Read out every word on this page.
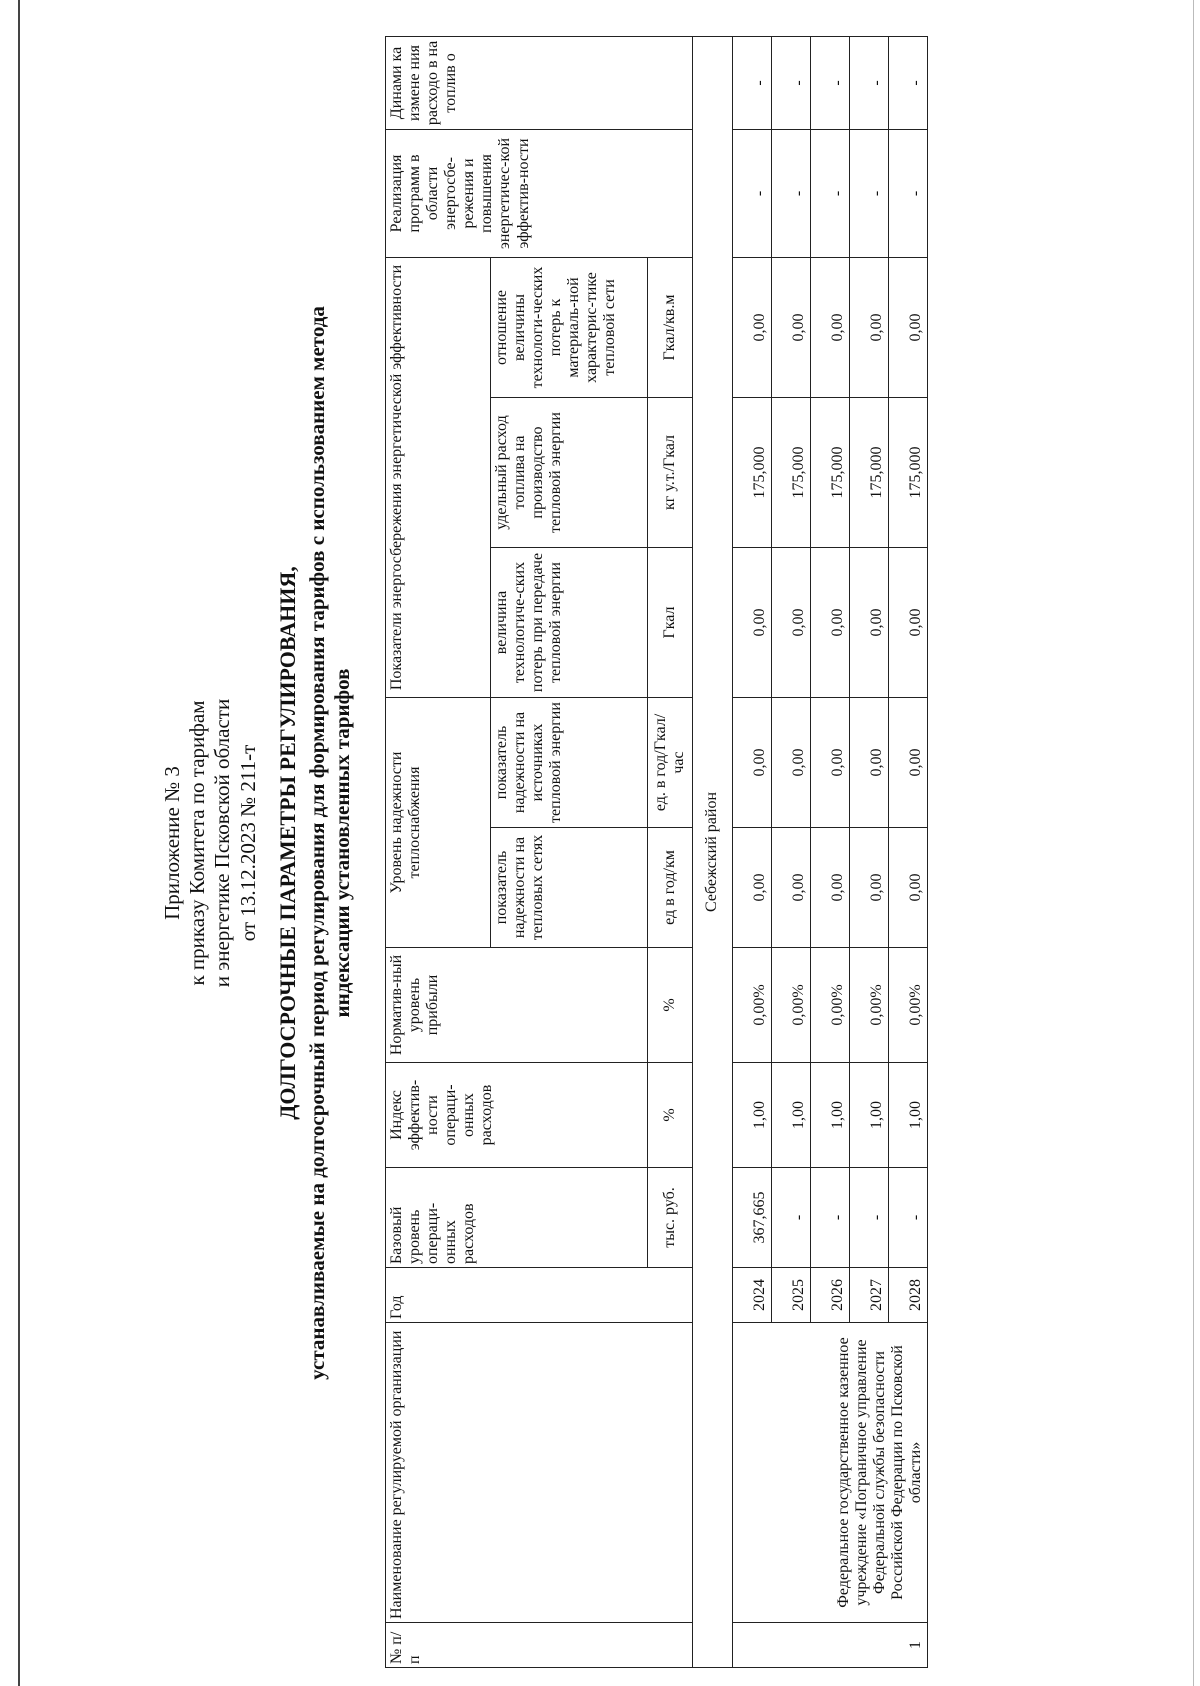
Приложение № 3 к приказу Комитета по тарифам и энергетике Псковской области от 13.12.2023 № 211-т ДОЛГОСРОЧНЫЕ ПАРАМЕТРЫ РЕГУЛИРОВАНИЯ, устанавливаемые на долгосрочный период регулирования для формирования тарифов с использованием метода индексации установленных тарифов
№ п/п	Наименование регулируемой организации	Год	Базовый уровень операци-онных расходов	Индекс эффектив-ности операци-онных расходов	Норматив-ный уровень прибыли	Уровень надежности теплоснабжения		Показатели энергосбережения энергетической эффективности			Реализация программ в области энергосбе-режения и повышения энергетичес-кой эффектив-ности	Динами ка измене ния расходо в на топлив о
						показатель надежности на тепловых сетях	показатель надежности на источниках тепловой энергии	величина технологиче-ских потерь при передаче тепловой энергии	удельный расход топлива на производство тепловой энергии	отношение величины технологи-ческих потерь к материаль-ной характерис-тике тепловой сети		
			тыс. руб.	%	%	ед в год/км	ед. в год/Гкал/ час	Гкал	кг у.т./Гкал	Гкал/кв.м		
Себежский район												
1	Федеральное государственное казенное учреждение «Пограничное управление Федеральной службы безопасности Российской Федерации по Псковской области»	2024	367,665	1,00	0,00%	0,00	0,00	0,00	175,000	0,00	-	-
		2025	-	1,00	0,00%	0,00	0,00	0,00	175,000	0,00	-	-
		2026	-	1,00	0,00%	0,00	0,00	0,00	175,000	0,00	-	-
		2027	-	1,00	0,00%	0,00	0,00	0,00	175,000	0,00	-	-
		2028	-	1,00	0,00%	0,00	0,00	0,00	175,000	0,00	-	-
